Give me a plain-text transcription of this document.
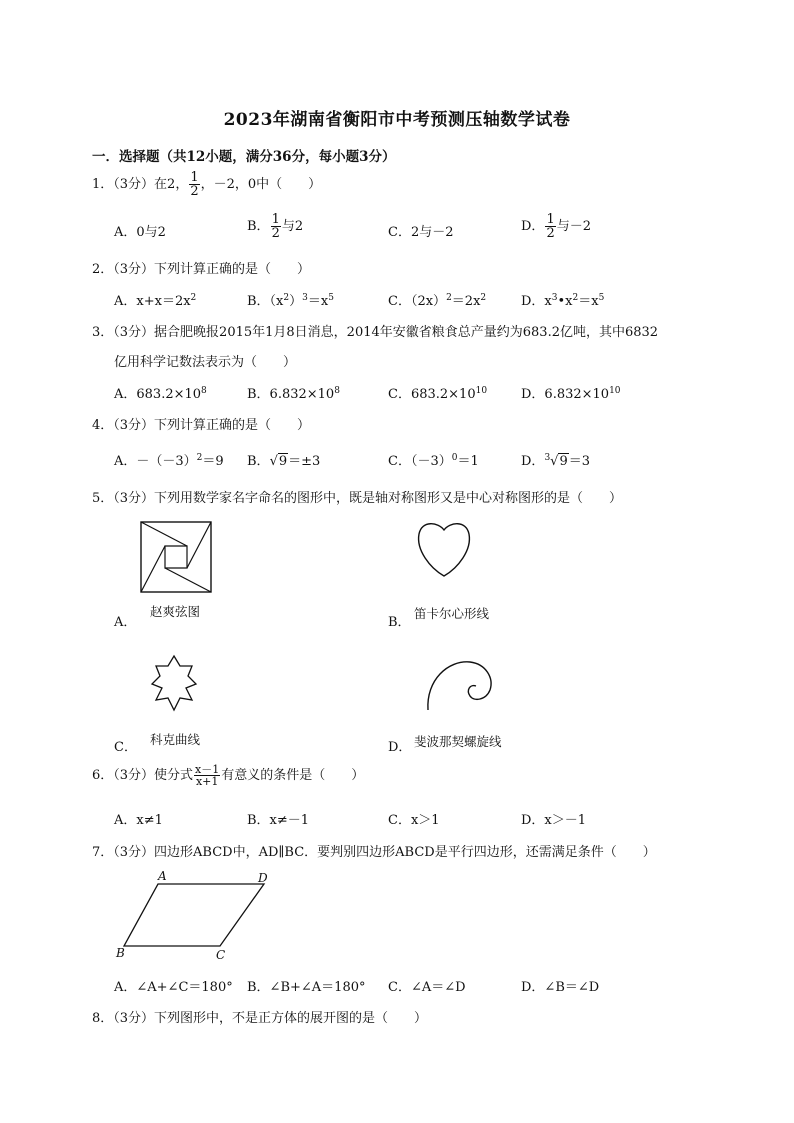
2023年湖南省衡阳市中考预测压轴数学试卷
一．选择题（共12小题，满分36分，每小题3分）
1．（3分）在2， $\frac{1}{2}$ ，－2，0中（　　）
A．0与2	B． $\frac{1}{2}$ 与2	C．2与－2	D． $\frac{1}{2}$ 与－2
2．（3分）下列计算正确的是（　　）
A．$x+x=2x^2$	B．$(x^2)^3=x^5$	C．$(2x)^2=2x^2$	D．$x^3•x^2=x^5$
3．（3分）据合肥晚报2015年1月8日消息，2014年安徽省粮食总产量约为683.2亿吨，其中6832
亿用科学记数法表示为（　　）
A．$683.2\times 10^8$	B．$6.832\times 10^8$	C．$683.2\times 10^{10}$	D．$6.832\times 10^{10}$
4．（3分）下列计算正确的是（　　）
A．$-(-3)^2=9$ B．√9＝±3	C．$(-3)^0=1$	D．$^3$√9＝3
5．（3分）下列用数学家名字命名的图形中，既是轴对称图形又是中心对称图形的是（　　）
A．
赵爽弦图
B．
笛卡尔心形线
C．
科克曲线
D． 斐波那契螺旋线
6．（3分）使分式 $\frac{x-1}{x+1}$ 有意义的条件是（　　）
A．x≠1	B．x≠－1	C．x＞1	D．x＞－1
7．（3分）四边形ABCD中，AD∥BC．要判别四边形ABCD是平行四边形，还需满足条件（　　）
A	D
B	C
A．∠A+∠C＝180° B．∠B+∠A＝180° C．∠A＝∠D	D．∠B＝∠D
8．（3分）下列图形中，不是正方体的展开图的是（　　）
